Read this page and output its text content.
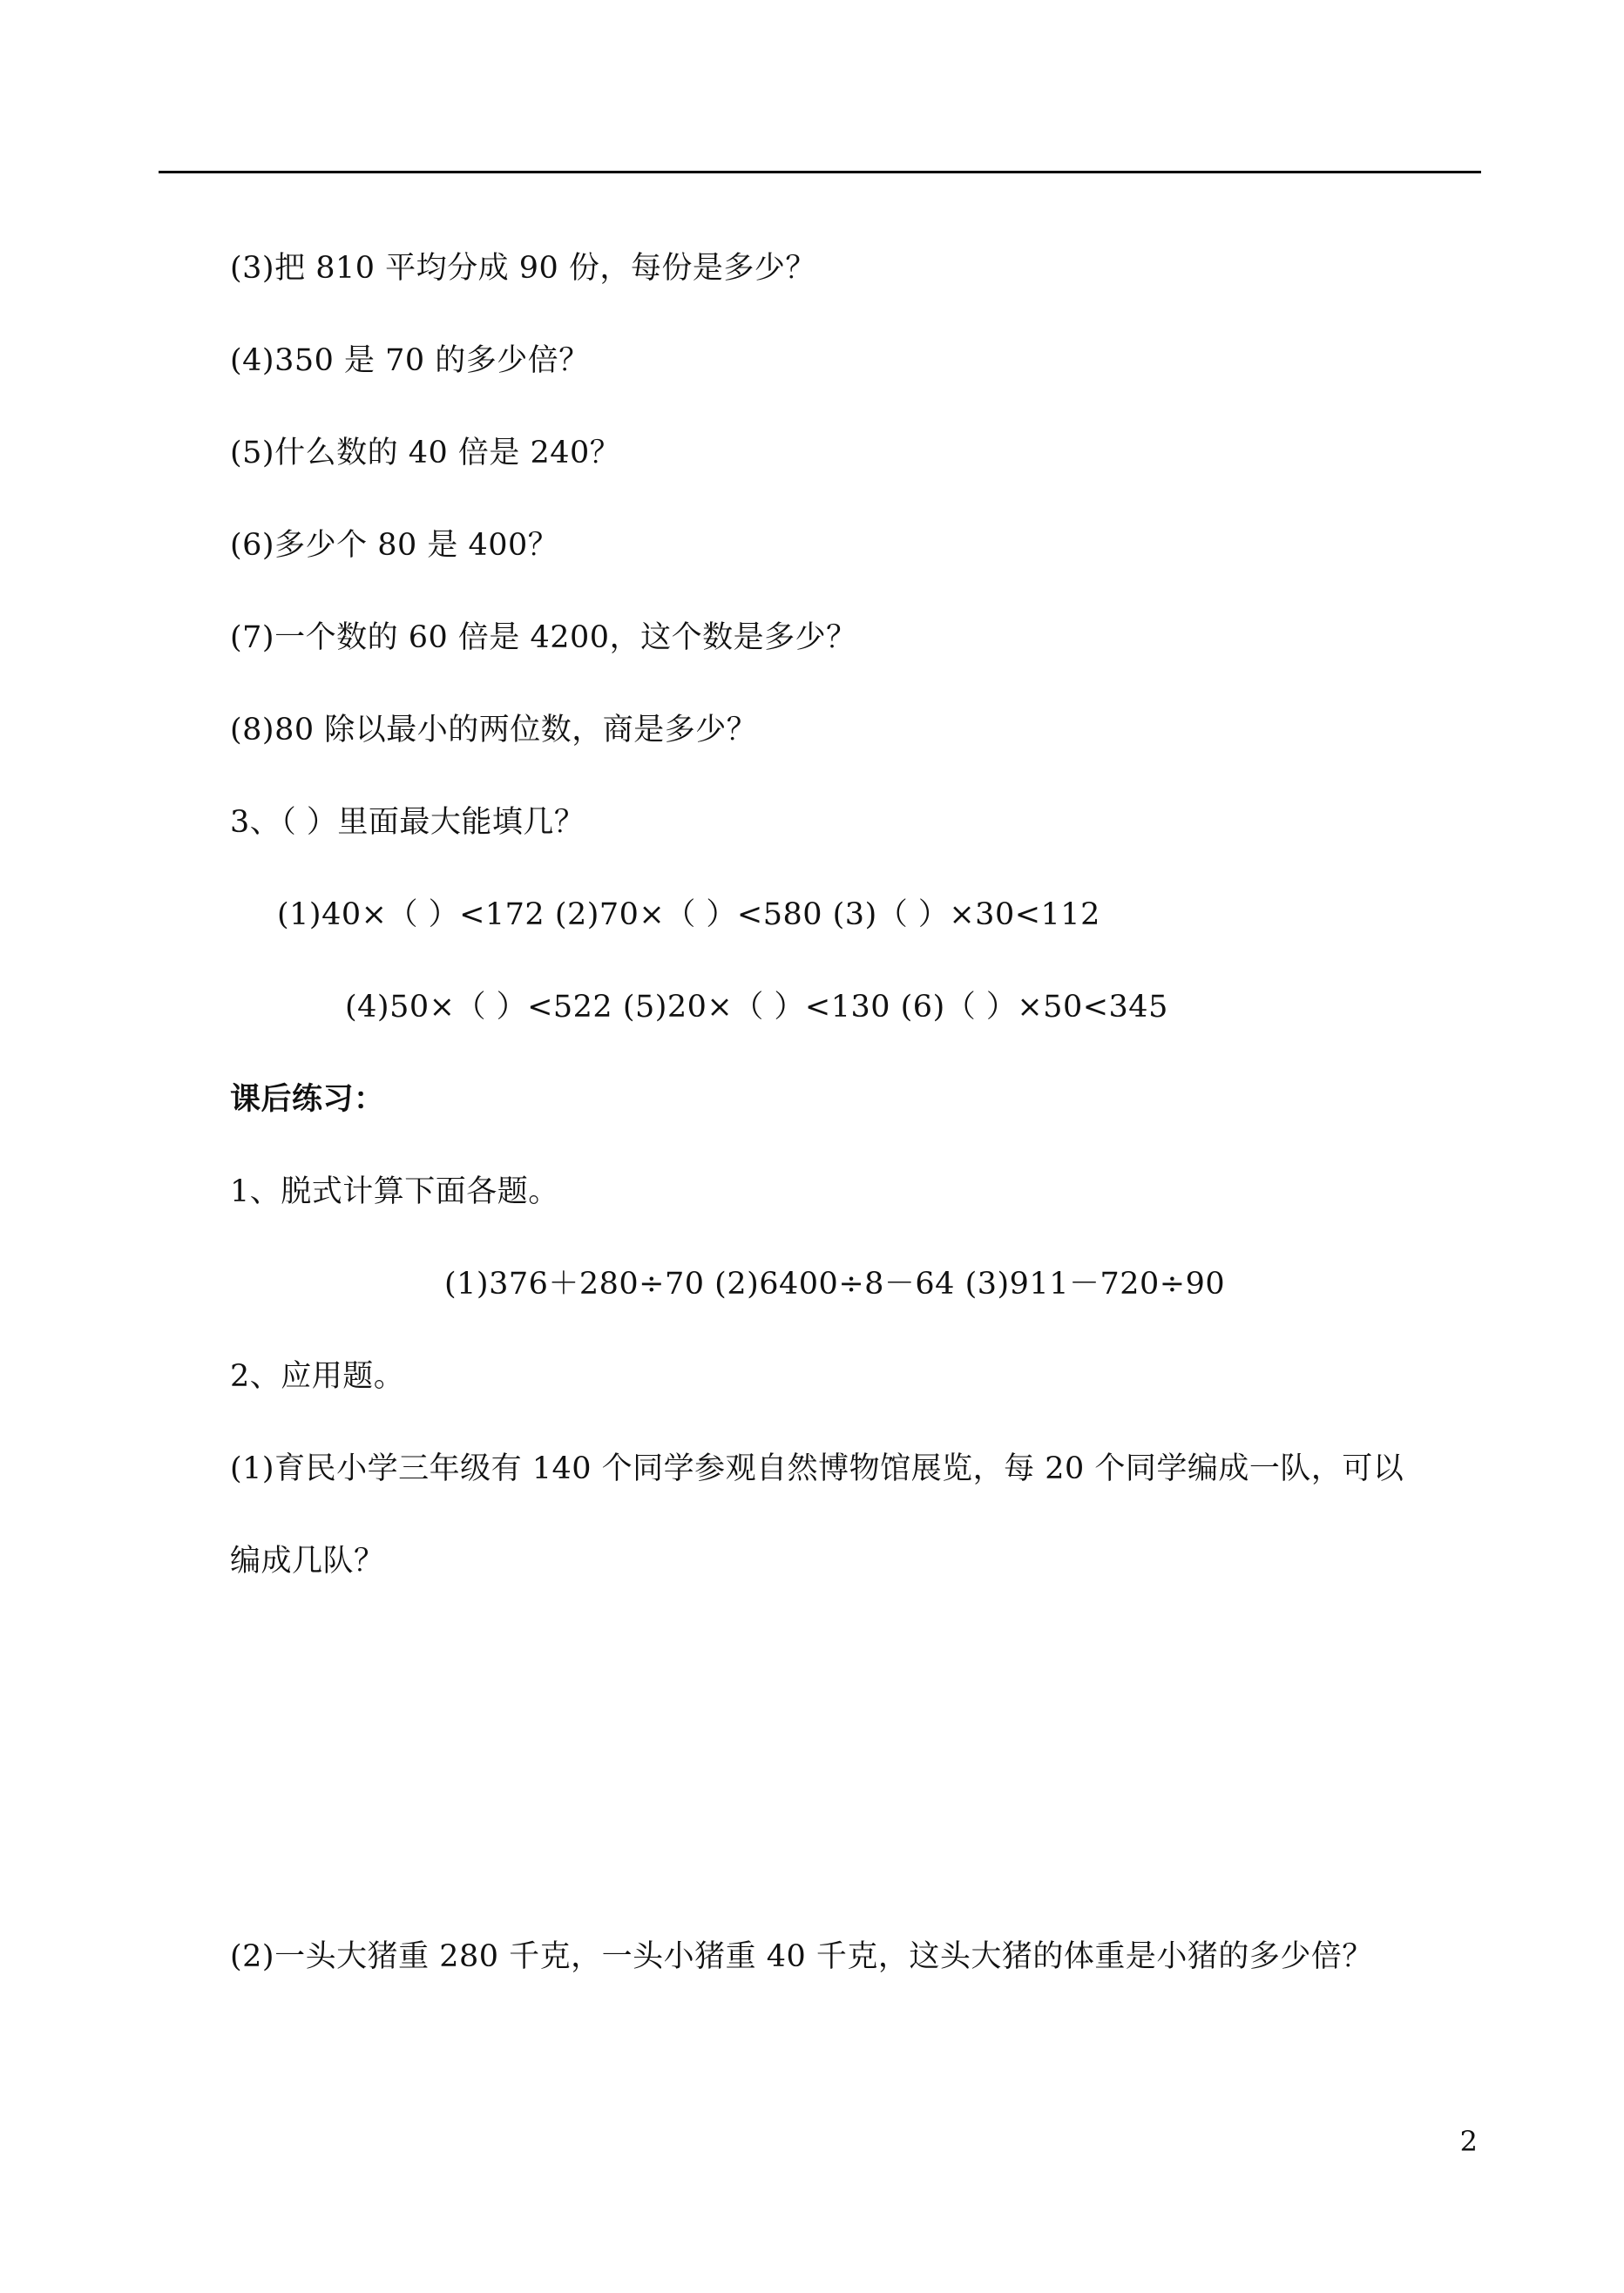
(3)把 810 平均分成 90 份，每份是多少？
(4)350 是 70 的多少倍？
(5)什么数的 40 倍是 240？
(6)多少个 80 是 400？
(7)一个数的 60 倍是 4200，这个数是多少？
(8)80 除以最小的两位数，商是多少？
3、（ ）里面最大能填几？
(1)40×（ ）<172 (2)70×（ ）<580 (3)（ ）×30<112
(4)50×（ ）<522 (5)20×（ ）<130 (6)（ ）×50<345
课后练习：
1、脱式计算下面各题。
(1)376＋280÷70 (2)6400÷8－64 (3)911－720÷90
2、应用题。
(1)育民小学三年级有 140 个同学参观自然博物馆展览，每 20 个同学编成一队，可以
编成几队？
(2)一头大猪重 280 千克，一头小猪重 40 千克，这头大猪的体重是小猪的多少倍？
2
